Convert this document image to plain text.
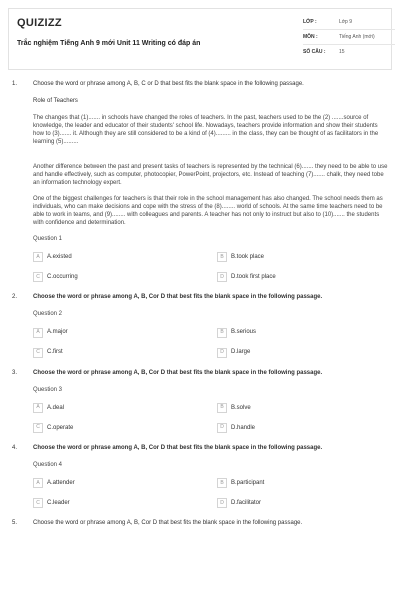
QUIZIZZ
Trắc nghiệm Tiếng Anh 9 mới Unit 11 Writing có đáp án
LỚP :	Lớp 9
MÔN :	Tiếng Anh (mới)
SỐ CÂU :	15
1.	Choose the word or phrase among A, B, C or D that best fits the blank space in the following passage.
Role of Teachers
The changes that (1)....... in schools have changed the roles of teachers. In the past, teachers used to be the (2) .......source of knowledge, the leader and educator of their students' school life. Nowadays, teachers provide information and show their students how to (3)....... it. Although they are still considered to be a kind of (4)......... in the class, they can be thought of as facilitators in the learning (5).........
Another difference between the past and present tasks of teachers is represented by the technical (6)....... they need to be able to use and handle effectively, such as computer, photocopier, PowerPoint, projectors, etc. Instead of teaching (7)....... chalk, they need tobe an information technology expert.
One of the biggest challenges for teachers is that their role in the school management has also changed. The school needs them as individuals, who can make decisions and cope with the stress of the (8)........ world of schools. At the same time teachers need to be able to work in teams, and (9)........ with colleagues and parents. A teacher has not only to instruct but also to (10)....... the students with confidence and determination.
Question 1
A	A.existed	B	B.took place
C	C.occurring	D	D.took first place
2.	Choose the word or phrase among A, B, Cor D that best fits the blank space in the following passage.
Question 2
A	A.major	B	B.serious
C	C.first	D	D.large
3.	Choose the word or phrase among A, B, Cor D that best fits the blank space in the following passage.
Question 3
A	A.deal	B	B.solve
C	C.operate	D	D.handle
4.	Choose the word or phrase among A, B, Cor D that best fits the blank space in the following passage.
Question 4
A	A.attender	B	B.participant
C	C.leader	D	D.facilitator
5.	Choose the word or phrase among A, B, Cor D that best fits the blank space in the following passage.
